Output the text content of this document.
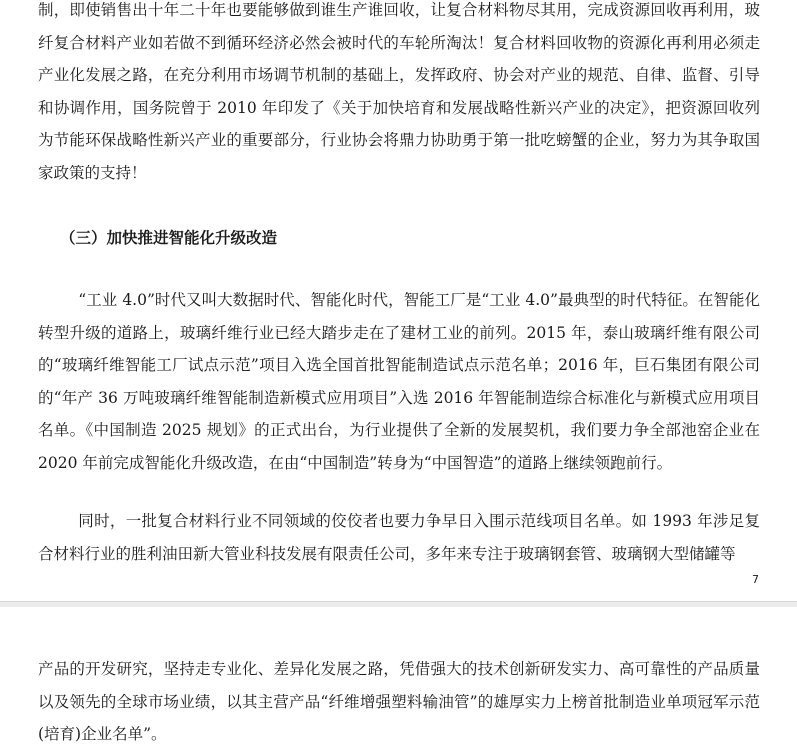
制，即使销售出十年二十年也要能够做到谁生产谁回收，让复合材料物尽其用，完成资源回收再利用，玻纤复合材料产业如若做不到循环经济必然会被时代的车轮所淘汰！复合材料回收物的资源化再利用必须走产业化发展之路，在充分利用市场调节机制的基础上，发挥政府、协会对产业的规范、自律、监督、引导和协调作用，国务院曾于 2010 年印发了《关于加快培育和发展战略性新兴产业的决定》，把资源回收列为节能环保战略性新兴产业的重要部分，行业协会将鼎力协助勇于第一批吃螃蟹的企业，努力为其争取国家政策的支持！
（三）加快推进智能化升级改造
“工业 4.0”时代又叫大数据时代、智能化时代，智能工厂是“工业 4.0”最典型的时代特征。在智能化转型升级的道路上，玻璃纤维行业已经大踏步走在了建材工业的前列。2015 年，泰山玻璃纤维有限公司的“玻璃纤维智能工厂试点示范”项目入选全国首批智能制造试点示范名单；2016 年，巨石集团有限公司的“年产 36 万吨玻璃纤维智能制造新模式应用项目”入选 2016 年智能制造综合标准化与新模式应用项目名单。《中国制造 2025 规划》的正式出台，为行业提供了全新的发展契机，我们要力争全部池窑企业在 2020 年前完成智能化升级改造，在由“中国制造”转身为“中国智造”的道路上继续领跑前行。
同时，一批复合材料行业不同领域的佼佼者也要力争早日入围示范线项目名单。如 1993 年涉足复合材料行业的胜利油田新大管业科技发展有限责任公司，多年来专注于玻璃钢套管、玻璃钢大型储罐等
7
产品的开发研究，坚持走专业化、差异化发展之路，凭借强大的技术创新研发实力、高可靠性的产品质量以及领先的全球市场业绩，以其主营产品“纤维增强塑料输油管”的雄厚实力上榜首批制造业单项冠军示范(培育)企业名单”。
